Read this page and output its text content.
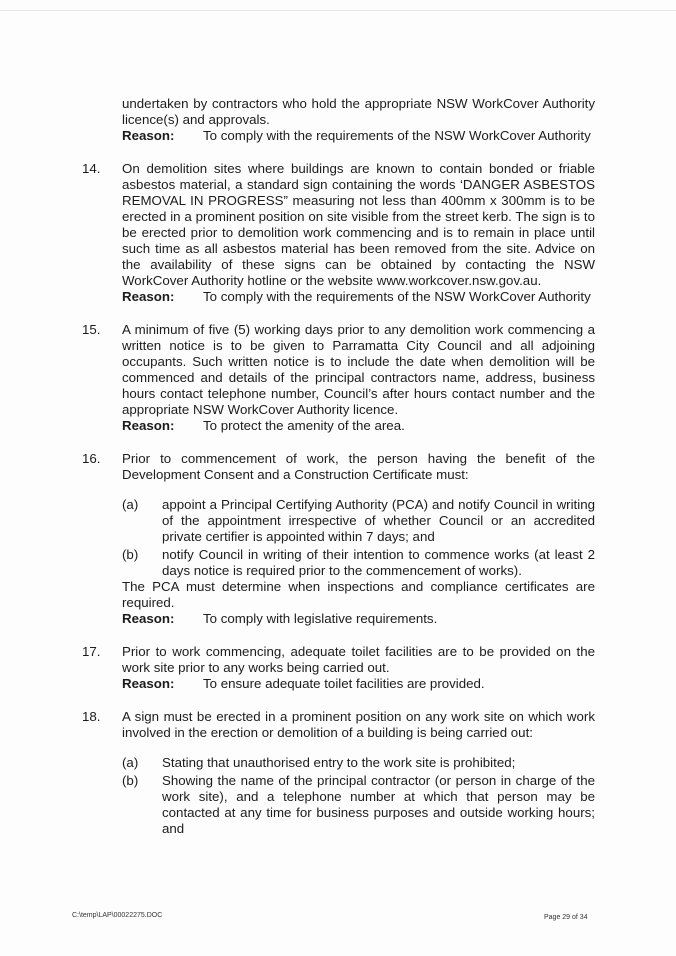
undertaken by contractors who hold the appropriate NSW WorkCover Authority licence(s) and approvals.

Reason:	To comply with the requirements of the NSW WorkCover Authority
14. On demolition sites where buildings are known to contain bonded or friable asbestos material, a standard sign containing the words ‘DANGER ASBESTOS REMOVAL IN PROGRESS” measuring not less than 400mm x 300mm is to be erected in a prominent position on site visible from the street kerb. The sign is to be erected prior to demolition work commencing and is to remain in place until such time as all asbestos material has been removed from the site. Advice on the availability of these signs can be obtained by contacting the NSW WorkCover Authority hotline or the website www.workcover.nsw.gov.au.

Reason:	To comply with the requirements of the NSW WorkCover Authority
15. A minimum of five (5) working days prior to any demolition work commencing a written notice is to be given to Parramatta City Council and all adjoining occupants. Such written notice is to include the date when demolition will be commenced and details of the principal contractors name, address, business hours contact telephone number, Council’s after hours contact number and the appropriate NSW WorkCover Authority licence.

Reason:	To protect the amenity of the area.
16. Prior to commencement of work, the person having the benefit of the Development Consent and a Construction Certificate must:

(a)	appoint a Principal Certifying Authority (PCA) and notify Council in writing of the appointment irrespective of whether Council or an accredited private certifier is appointed within 7 days; and
(b)	notify Council in writing of their intention to commence works (at least 2 days notice is required prior to the commencement of works).

The PCA must determine when inspections and compliance certificates are required.

Reason:	To comply with legislative requirements.
17. Prior to work commencing, adequate toilet facilities are to be provided on the work site prior to any works being carried out.

Reason:	To ensure adequate toilet facilities are provided.
18. A sign must be erected in a prominent position on any work site on which work involved in the erection or demolition of a building is being carried out:

(a)	Stating that unauthorised entry to the work site is prohibited;
(b)	Showing the name of the principal contractor (or person in charge of the work site), and a telephone number at which that person may be contacted at any time for business purposes and outside working hours; and
C:\temp\LAP\00022275.DOC	Page 29 of 34
